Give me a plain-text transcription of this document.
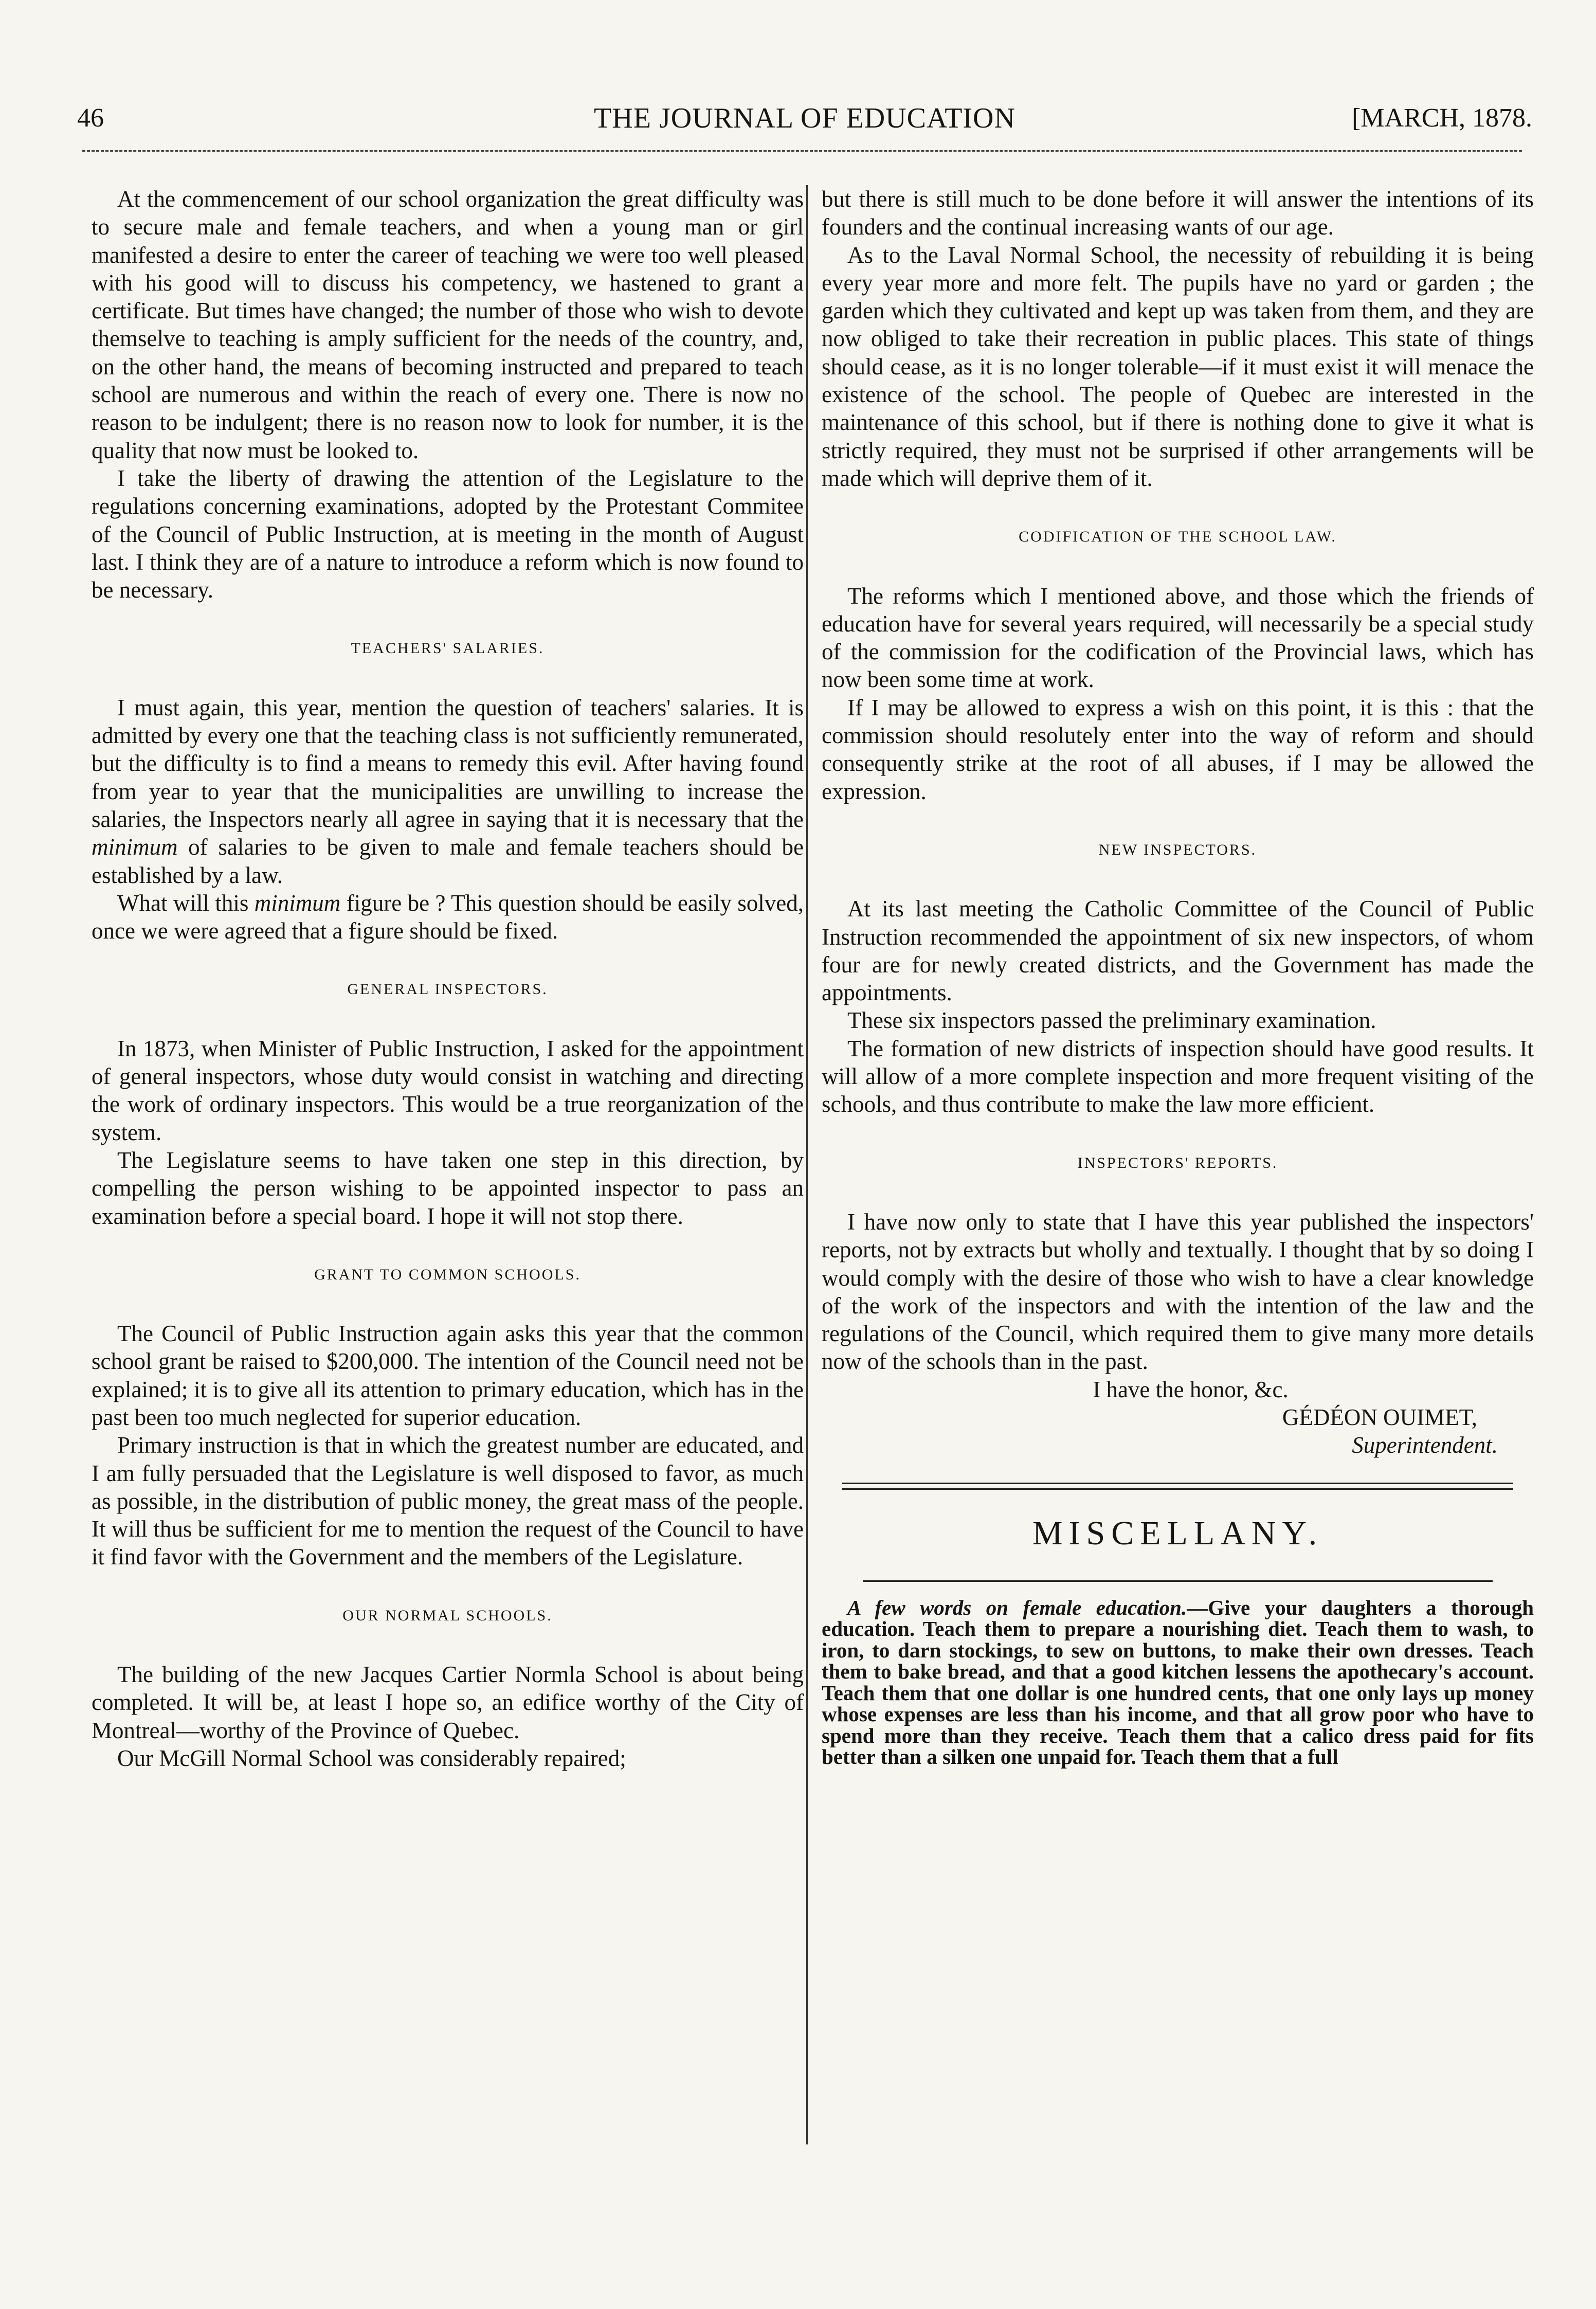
46	THE JOURNAL OF EDUCATION	[MARCH, 1878.

At the commencement of our school organization the great difficulty was to secure male and female teachers, and when a young man or girl manifested a desire to enter the career of teaching we were too well pleased with his good will to discuss his competency, we hastened to grant a certificate. But times have changed; the number of those who wish to devote themselve to teaching is amply sufficient for the needs of the country, and, on the other hand, the means of becoming instructed and prepared to teach school are numerous and within the reach of every one. There is now no reason to be indulgent; there is no reason now to look for number, it is the quality that now must be looked to.

I take the liberty of drawing the attention of the Legislature to the regulations concerning examinations, adopted by the Protestant Commitee of the Council of Public Instruction, at is meeting in the month of August last. I think they are of a nature to introduce a reform which is now found to be necessary.

TEACHERS' SALARIES.

I must again, this year, mention the question of teachers' salaries. It is admitted by every one that the teaching class is not sufficiently remunerated, but the difficulty is to find a means to remedy this evil. After having found from year to year that the municipalities are unwilling to increase the salaries, the Inspectors nearly all agree in saying that it is necessary that the minimum of salaries to be given to male and female teachers should be established by a law.

What will this minimum figure be ? This question should be easily solved, once we were agreed that a figure should be fixed.

GENERAL INSPECTORS.

In 1873, when Minister of Public Instruction, I asked for the appointment of general inspectors, whose duty would consist in watching and directing the work of ordinary inspectors. This would be a true reorganization of the system.

The Legislature seems to have taken one step in this direction, by compelling the person wishing to be appointed inspector to pass an examination before a special board. I hope it will not stop there.

GRANT TO COMMON SCHOOLS.

The Council of Public Instruction again asks this year that the common school grant be raised to $200,000. The intention of the Council need not be explained; it is to give all its attention to primary education, which has in the past been too much neglected for superior education.

Primary instruction is that in which the greatest number are educated, and I am fully persuaded that the Legislature is well disposed to favor, as much as possible, in the distribution of public money, the great mass of the people. It will thus be sufficient for me to mention the request of the Council to have it find favor with the Government and the members of the Legislature.

OUR NORMAL SCHOOLS.

The building of the new Jacques Cartier Normla School is about being completed. It will be, at least I hope so, an edifice worthy of the City of Montreal—worthy of the Province of Quebec.

Our McGill Normal School was considerably repaired;

but there is still much to be done before it will answer the intentions of its founders and the continual increasing wants of our age.

As to the Laval Normal School, the necessity of rebuilding it is being every year more and more felt. The pupils have no yard or garden ; the garden which they cultivated and kept up was taken from them, and they are now obliged to take their recreation in public places. This state of things should cease, as it is no longer tolerable—if it must exist it will menace the existence of the school. The people of Quebec are interested in the maintenance of this school, but if there is nothing done to give it what is strictly required, they must not be surprised if other arrangements will be made which will deprive them of it.

CODIFICATION OF THE SCHOOL LAW.

The reforms which I mentioned above, and those which the friends of education have for several years required, will necessarily be a special study of the commission for the codification of the Provincial laws, which has now been some time at work.

If I may be allowed to express a wish on this point, it is this : that the commission should resolutely enter into the way of reform and should consequently strike at the root of all abuses, if I may be allowed the expression.

NEW INSPECTORS.

At its last meeting the Catholic Committee of the Council of Public Instruction recommended the appointment of six new inspectors, of whom four are for newly created districts, and the Government has made the appointments.

These six inspectors passed the preliminary examination.

The formation of new districts of inspection should have good results. It will allow of a more complete inspection and more frequent visiting of the schools, and thus contribute to make the law more efficient.

INSPECTORS' REPORTS.

I have now only to state that I have this year published the inspectors' reports, not by extracts but wholly and textually. I thought that by so doing I would comply with the desire of those who wish to have a clear knowledge of the work of the inspectors and with the intention of the law and the regulations of the Council, which required them to give many more details now of the schools than in the past.

I have the honor, &c.

GÉDÉON OUIMET,

Superintendent.

MISCELLANY.

A few words on female education.—Give your daughters a thorough education. Teach them to prepare a nourishing diet. Teach them to wash, to iron, to darn stockings, to sew on buttons, to make their own dresses. Teach them to bake bread, and that a good kitchen lessens the apothecary's account. Teach them that one dollar is one hundred cents, that one only lays up money whose expenses are less than his income, and that all grow poor who have to spend more than they receive. Teach them that a calico dress paid for fits better than a silken one unpaid for. Teach them that a full
